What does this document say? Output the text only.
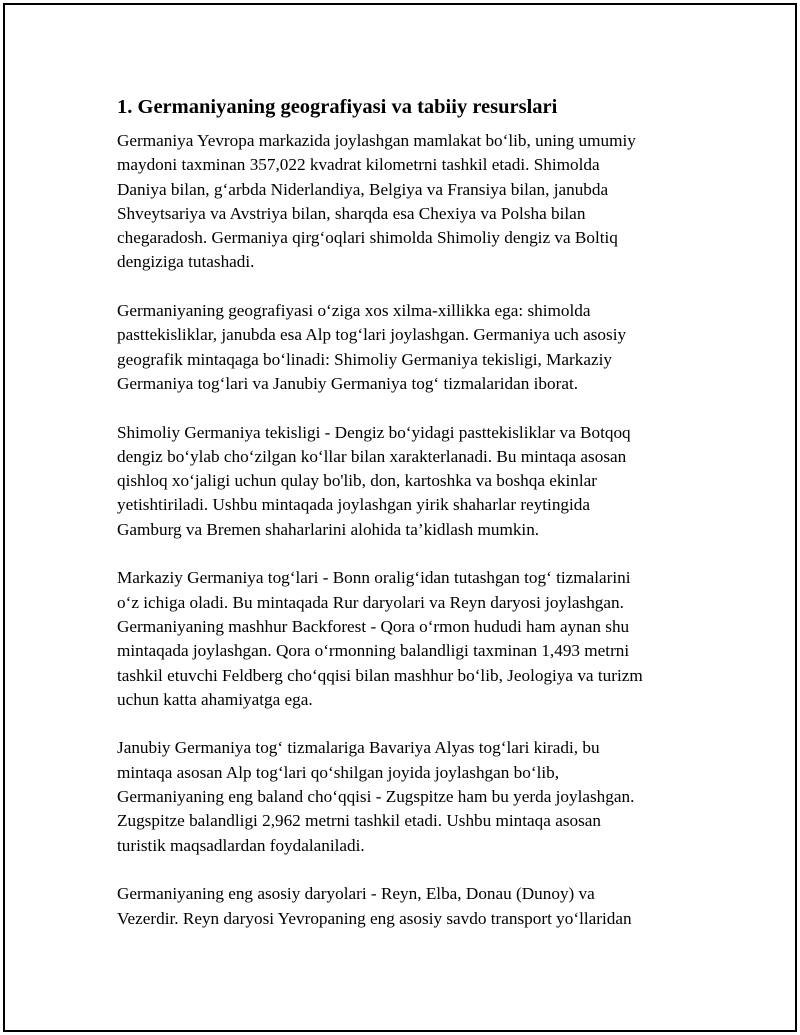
1. Germaniyaning geografiyasi va tabiiy resurslari
Germaniya Yevropa markazida joylashgan mamlakat bo‘lib, uning umumiy
maydoni taxminan 357,022 kvadrat kilometrni tashkil etadi. Shimolda
Daniya bilan, g‘arbda Niderlandiya, Belgiya va Fransiya bilan, janubda
Shveytsariya va Avstriya bilan, sharqda esa Chexiya va Polsha bilan
chegaradosh. Germaniya qirg‘oqlari shimolda Shimoliy dengiz va Boltiq
dengiziga tutashadi.
Germaniyaning geografiyasi o‘ziga xos xilma-xillikka ega: shimolda
pasttekisliklar, janubda esa Alp tog‘lari joylashgan. Germaniya uch asosiy
geografik mintaqaga bo‘linadi: Shimoliy Germaniya tekisligi, Markaziy
Germaniya tog‘lari va Janubiy Germaniya tog‘ tizmalaridan iborat.
Shimoliy Germaniya tekisligi - Dengiz bo‘yidagi pasttekisliklar va Botqoq
dengiz bo‘ylab cho‘zilgan ko‘llar bilan xarakterlanadi. Bu mintaqa asosan
qishloq xo‘jaligi uchun qulay bo'lib, don, kartoshka va boshqa ekinlar
yetishtiriladi. Ushbu mintaqada joylashgan yirik shaharlar reytingida
Gamburg va Bremen shaharlarini alohida ta’kidlash mumkin.
Markaziy Germaniya tog‘lari - Bonn oralig‘idan tutashgan tog‘ tizmalarini
o‘z ichiga oladi. Bu mintaqada Rur daryolari va Reyn daryosi joylashgan.
Germaniyaning mashhur Backforest - Qora o‘rmon hududi ham aynan shu
mintaqada joylashgan. Qora o‘rmonning balandligi taxminan 1,493 metrni
tashkil etuvchi Feldberg cho‘qqisi bilan mashhur bo‘lib, Jeologiya va turizm
uchun katta ahamiyatga ega.
Janubiy Germaniya tog‘ tizmalariga Bavariya Alyas tog‘lari kiradi, bu
mintaqa asosan Alp tog‘lari qo‘shilgan joyida joylashgan bo‘lib,
Germaniyaning eng baland cho‘qqisi - Zugspitze ham bu yerda joylashgan.
Zugspitze balandligi 2,962 metrni tashkil etadi. Ushbu mintaqa asosan
turistik maqsadlardan foydalaniladi.
Germaniyaning eng asosiy daryolari - Reyn, Elba, Donau (Dunoy) va
Vezerdir. Reyn daryosi Yevropaning eng asosiy savdo transport yo‘llaridan
